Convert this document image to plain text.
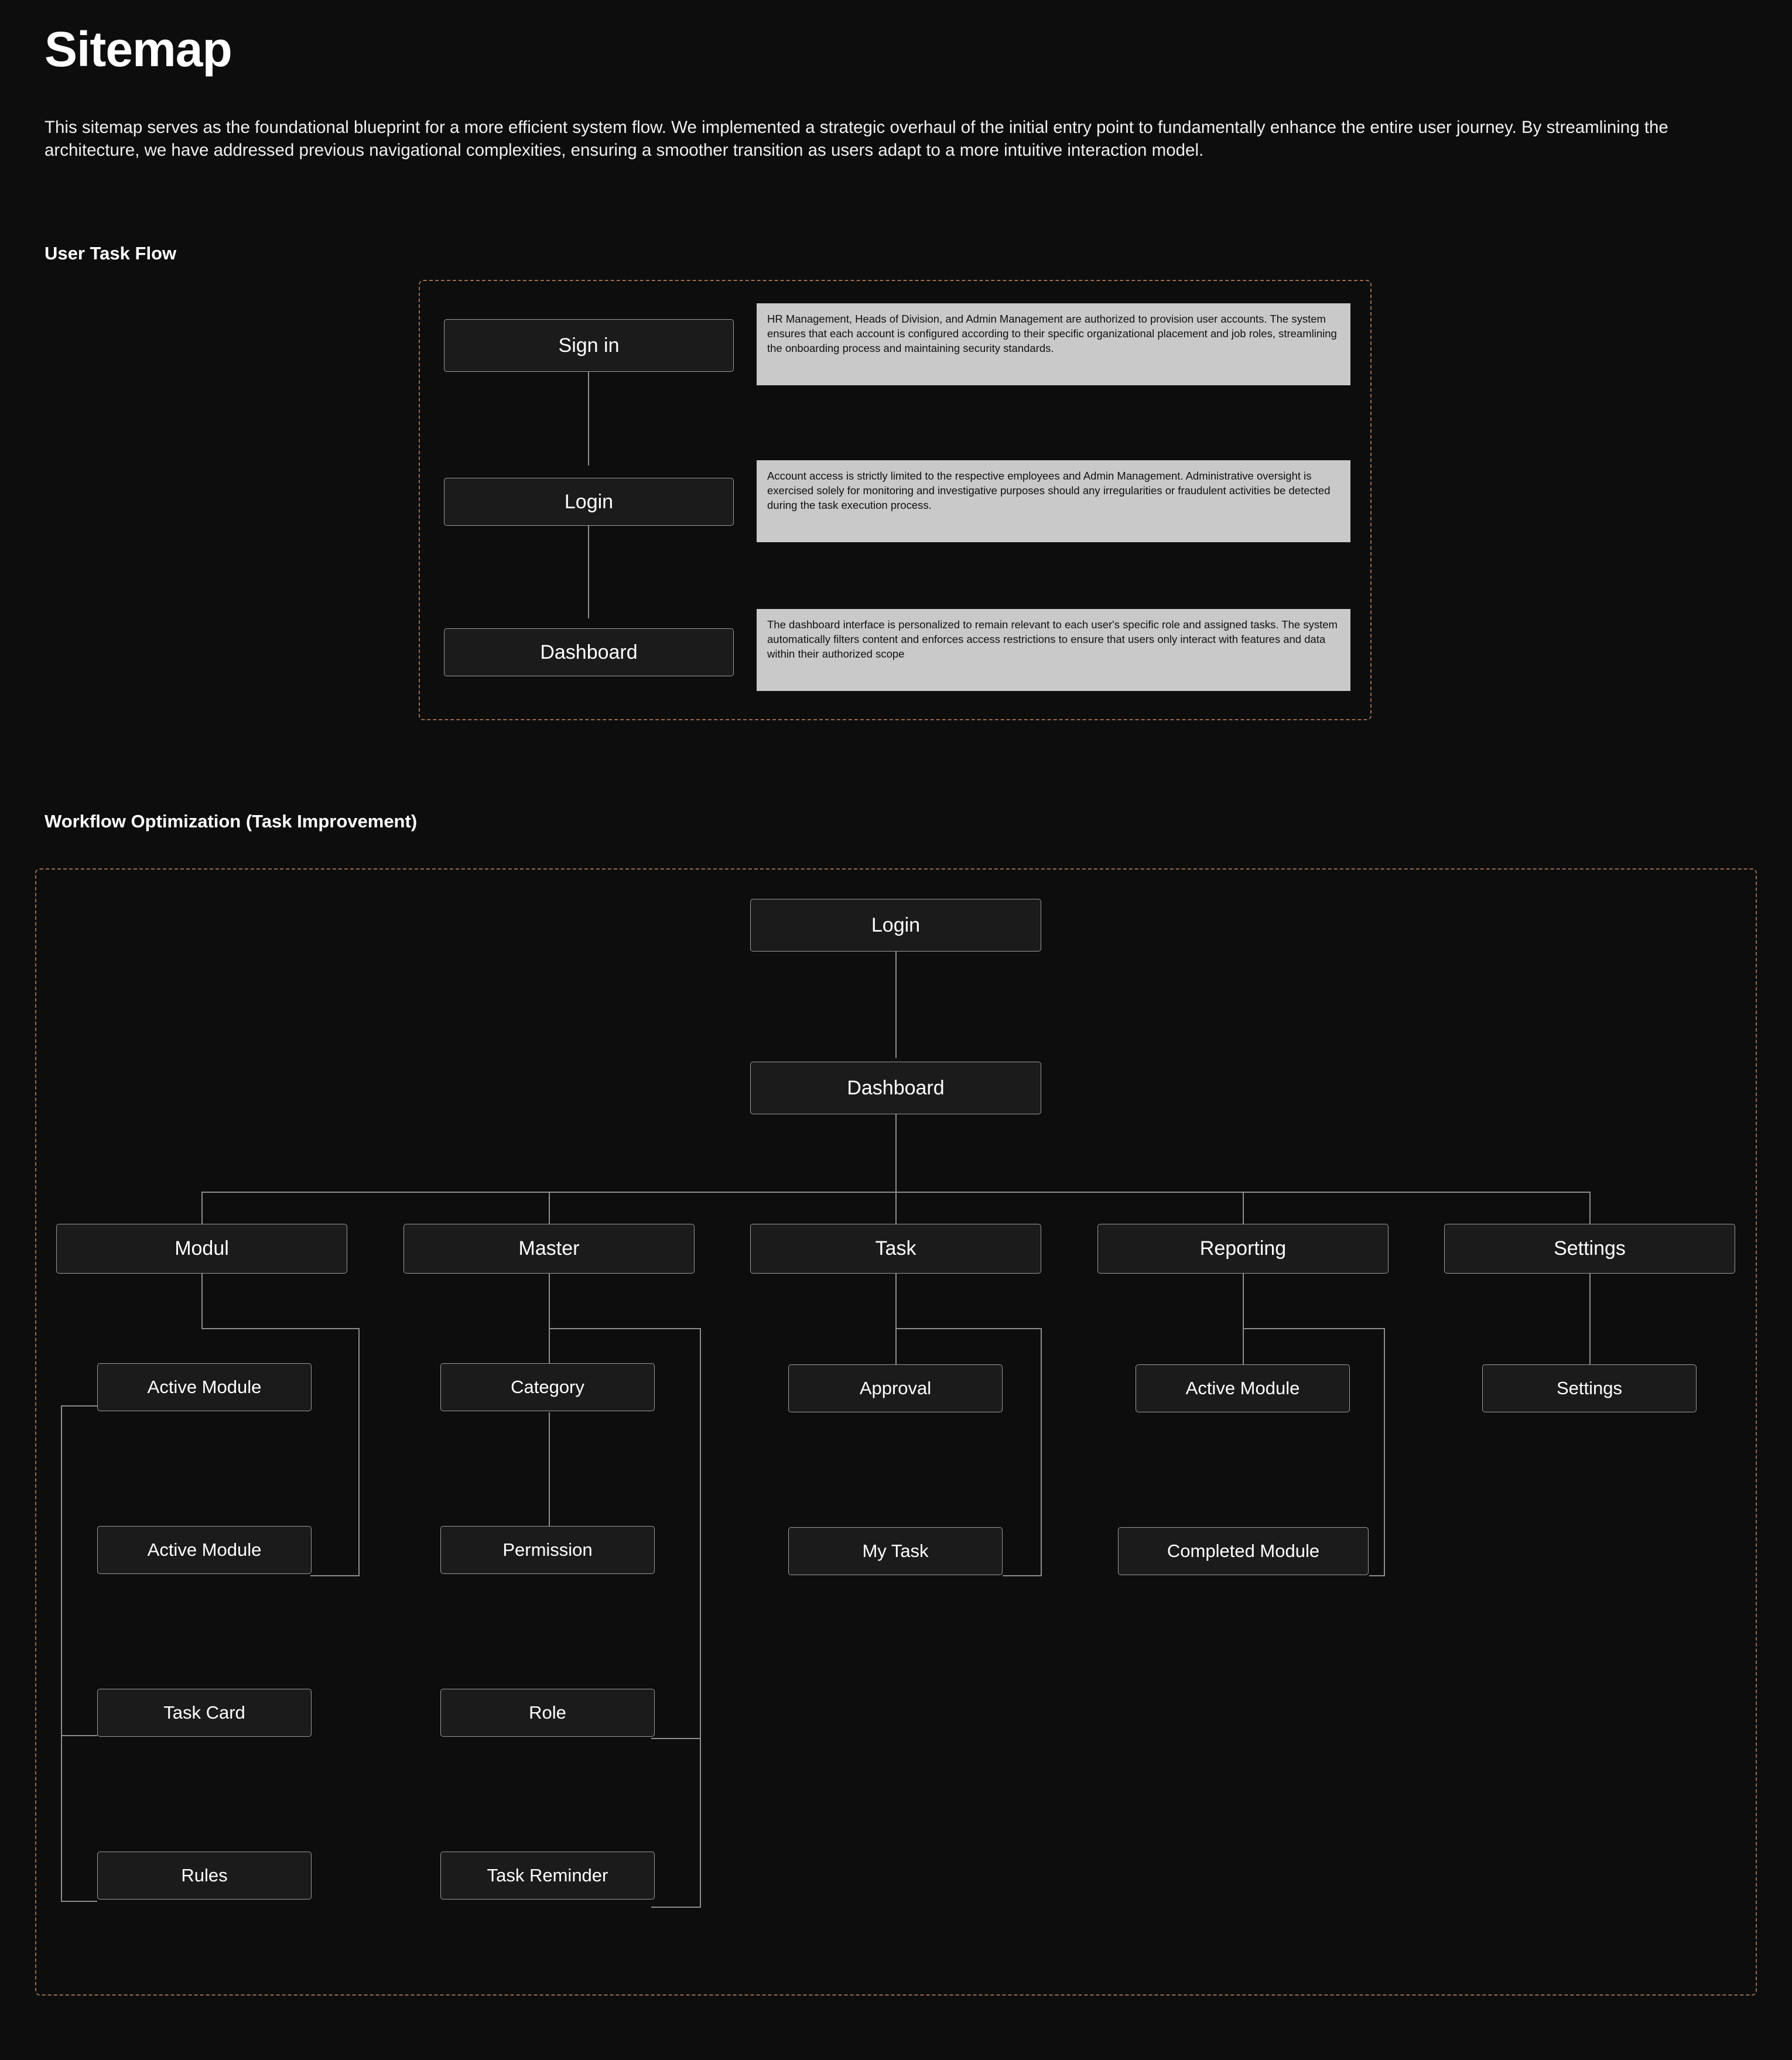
Sitemap
This sitemap serves as the foundational blueprint for a more efficient system flow. We implemented a strategic overhaul of the initial entry point to fundamentally enhance the entire user journey. By streamlining the architecture, we have addressed previous navigational complexities, ensuring a smoother transition as users adapt to a more intuitive interaction model.
User Task Flow
Sign in
Login
Dashboard
HR Management, Heads of Division, and Admin Management are authorized to provision user accounts. The system ensures that each account is configured according to their specific organizational placement and job roles, streamlining the onboarding process and maintaining security standards.
Account access is strictly limited to the respective employees and Admin Management. Administrative oversight is exercised solely for monitoring and investigative purposes should any irregularities or fraudulent activities be detected during the task execution process.
The dashboard interface is personalized to remain relevant to each user's specific role and assigned tasks. The system automatically filters content and enforces access restrictions to ensure that users only interact with features and data within their authorized scope
Workflow Optimization (Task Improvement)
Login
Dashboard
Modul	Master	Task	Reporting	Settings
Active Module
Active Module
Task Card
Rules
Category
Permission
Role
Task Reminder
Approval
My Task
Active Module
Completed Module
Settings
